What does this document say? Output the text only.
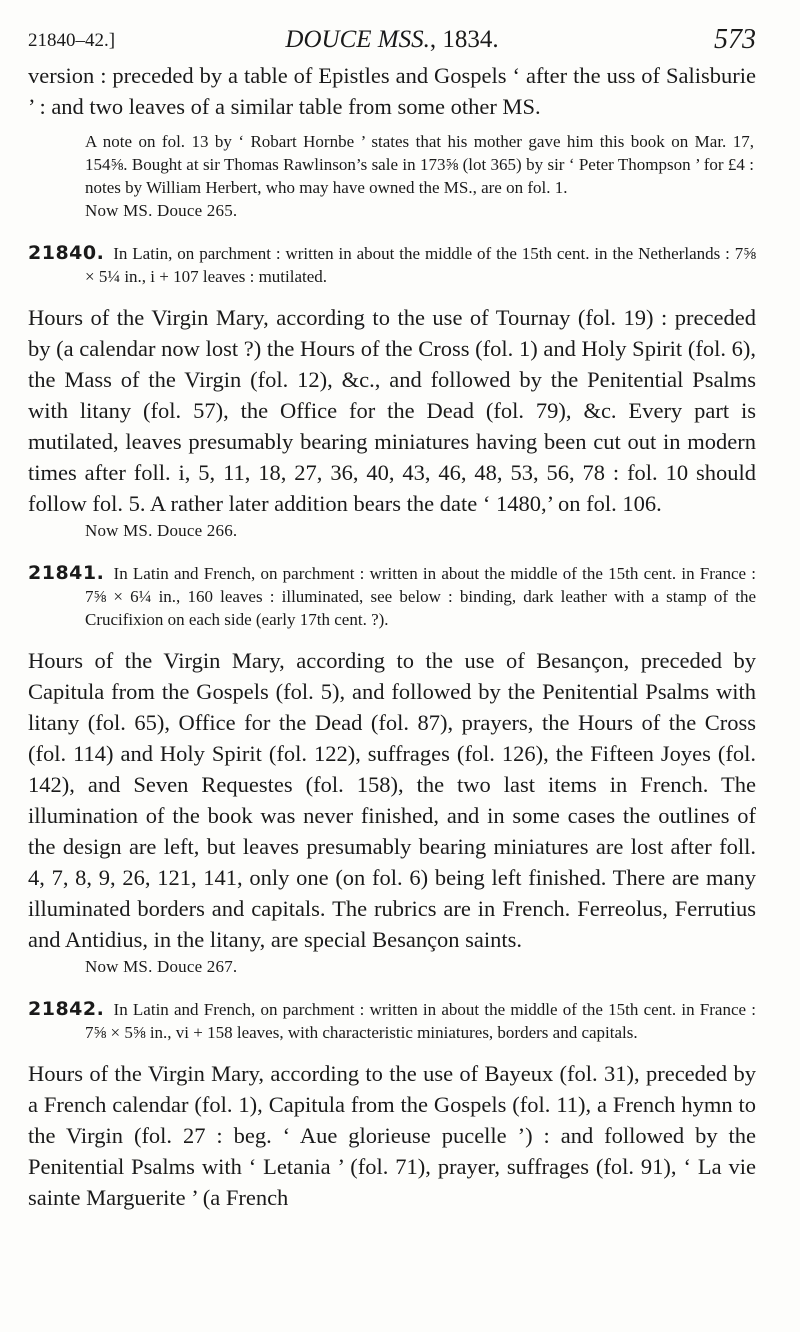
21840–42.]	DOUCE MSS., 1834.	573

version : preceded by a table of Epistles and Gospels ‘ after the uss of Salisburie ’ : and two leaves of a similar table from some other MS.

A note on fol. 13 by ‘ Robart Hornbe ’ states that his mother gave him this book on Mar. 17, 154⅝. Bought at sir Thomas Rawlinson’s sale in 173⅝ (lot 365) by sir ‘ Peter Thompson ’ for £4 : notes by William Herbert, who may have owned the MS., are on fol. 1.

Now MS. Douce 265.

21840. In Latin, on parchment : written in about the middle of the 15th cent. in the Netherlands : 7⅝ × 5¼ in., i + 107 leaves : mutilated.

Hours of the Virgin Mary, according to the use of Tournay (fol. 19) : preceded by (a calendar now lost ?) the Hours of the Cross (fol. 1) and Holy Spirit (fol. 6), the Mass of the Virgin (fol. 12), &c., and followed by the Penitential Psalms with litany (fol. 57), the Office for the Dead (fol. 79), &c. Every part is mutilated, leaves presumably bearing miniatures having been cut out in modern times after foll. i, 5, 11, 18, 27, 36, 40, 43, 46, 48, 53, 56, 78 : fol. 10 should follow fol. 5. A rather later addition bears the date ‘ 1480,’ on fol. 106.

Now MS. Douce 266.

21841. In Latin and French, on parchment : written in about the middle of the 15th cent. in France : 7⅝ × 6¼ in., 160 leaves : illuminated, see below : binding, dark leather with a stamp of the Crucifixion on each side (early 17th cent. ?).

Hours of the Virgin Mary, according to the use of Besançon, preceded by Capitula from the Gospels (fol. 5), and followed by the Penitential Psalms with litany (fol. 65), Office for the Dead (fol. 87), prayers, the Hours of the Cross (fol. 114) and Holy Spirit (fol. 122), suffrages (fol. 126), the Fifteen Joyes (fol. 142), and Seven Requestes (fol. 158), the two last items in French. The illumination of the book was never finished, and in some cases the outlines of the design are left, but leaves presumably bearing miniatures are lost after foll. 4, 7, 8, 9, 26, 121, 141, only one (on fol. 6) being left finished. There are many illuminated borders and capitals. The rubrics are in French. Ferreolus, Ferrutius and Antidius, in the litany, are special Besançon saints.

Now MS. Douce 267.

21842. In Latin and French, on parchment : written in about the middle of the 15th cent. in France : 7⅝ × 5⅝ in., vi + 158 leaves, with characteristic miniatures, borders and capitals.

Hours of the Virgin Mary, according to the use of Bayeux (fol. 31), preceded by a French calendar (fol. 1), Capitula from the Gospels (fol. 11), a French hymn to the Virgin (fol. 27 : beg. ‘ Aue glorieuse pucelle ’) : and followed by the Penitential Psalms with ‘ Letania ’ (fol. 71), prayer, suffrages (fol. 91), ‘ La vie sainte Marguerite ’ (a French
